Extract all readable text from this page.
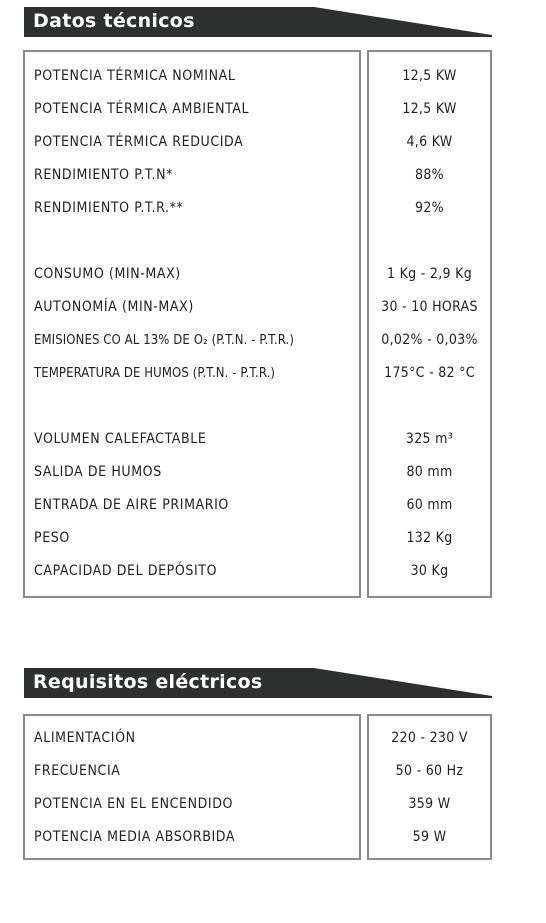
Datos técnicos
POTENCIA TÉRMICA NOMINAL
POTENCIA TÉRMICA AMBIENTAL
POTENCIA TÉRMICA REDUCIDA
RENDIMIENTO P.T.N*
RENDIMIENTO P.T.R.**
CONSUMO (MIN-MAX)
AUTONOMÍA (MIN-MAX)
EMISIONES CO AL 13% DE O₂ (P.T.N. - P.T.R.)
TEMPERATURA DE HUMOS (P.T.N. - P.T.R.)
VOLUMEN CALEFACTABLE
SALIDA DE HUMOS
ENTRADA DE AIRE PRIMARIO
PESO
CAPACIDAD DEL DEPÓSITO
12,5 KW
12,5 KW
4,6 KW
88%
92%
1 Kg - 2,9 Kg
30 - 10 HORAS
0,02% - 0,03%
175°C - 82 °C
325 m³
80 mm
60 mm
132 Kg
30 Kg
Requisitos eléctricos
ALIMENTACIÓN
FRECUENCIA
POTENCIA EN EL ENCENDIDO
POTENCIA MEDIA ABSORBIDA
220 - 230 V
50 - 60 Hz
359 W
59 W
